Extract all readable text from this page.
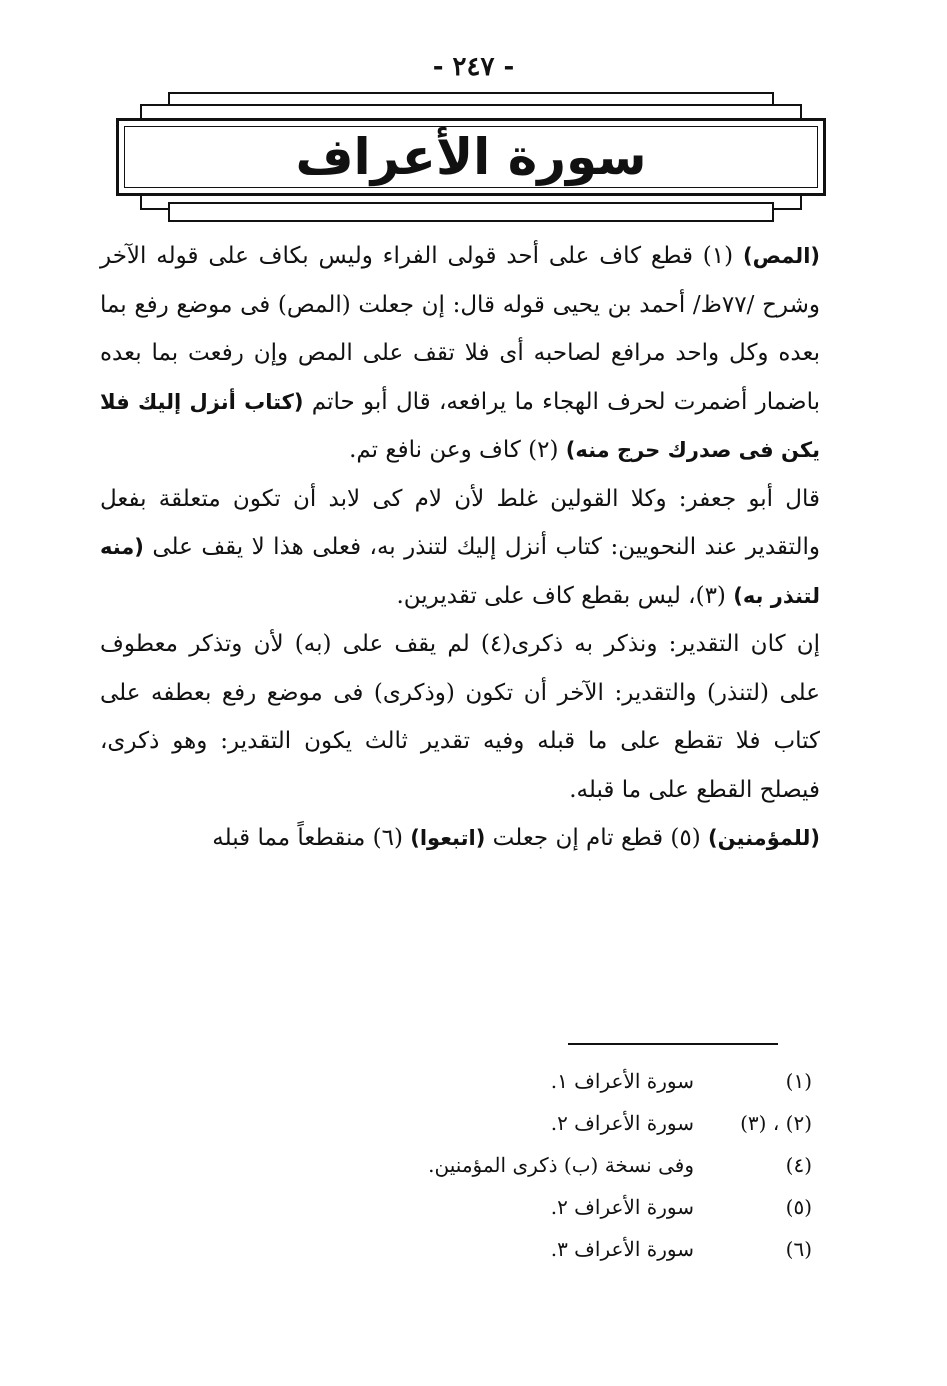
- ٢٤٧ -
سورة الأعراف

(المص) (١) قطع كاف على أحد قولى الفراء وليس بكاف على قوله الآخر وشرح /٧٧ظ/ أحمد بن يحيى قوله قال: إن جعلت (المص) فى موضع رفع بما بعده وكل واحد مرافع لصاحبه أى فلا تقف على المص وإن رفعت بما بعده باضمار أضمرت لحرف الهجاء ما يرافعه، قال أبو حاتم (كتاب أنزل إليك فلا يكن فى صدرك حرج منه) (٢) كاف وعن نافع تم.

قال أبو جعفر: وكلا القولين غلط لأن لام كى لابد أن تكون متعلقة بفعل والتقدير عند النحويين: كتاب أنزل إليك لتنذر به، فعلى هذا لا يقف على (منه لتنذر به) (٣)، ليس بقطع كاف على تقديرين.

إن كان التقدير: ونذكر به ذكرى(٤) لم يقف على (به) لأن وتذكر معطوف على (لتنذر) والتقدير: الآخر أن تكون (وذكرى) فى موضع رفع بعطفه على كتاب فلا تقطع على ما قبله وفيه تقدير ثالث يكون التقدير: وهو ذكرى، فيصلح القطع على ما قبله.

(للمؤمنين) (٥) قطع تام إن جعلت (اتبعوا) (٦) منقطعاً مما قبله

(١)
سورة الأعراف ١.
(٢) ، (٣)
سورة الأعراف ٢.
(٤)
وفى نسخة (ب) ذكرى المؤمنين.
(٥)
سورة الأعراف ٢.
(٦)
سورة الأعراف ٣.
